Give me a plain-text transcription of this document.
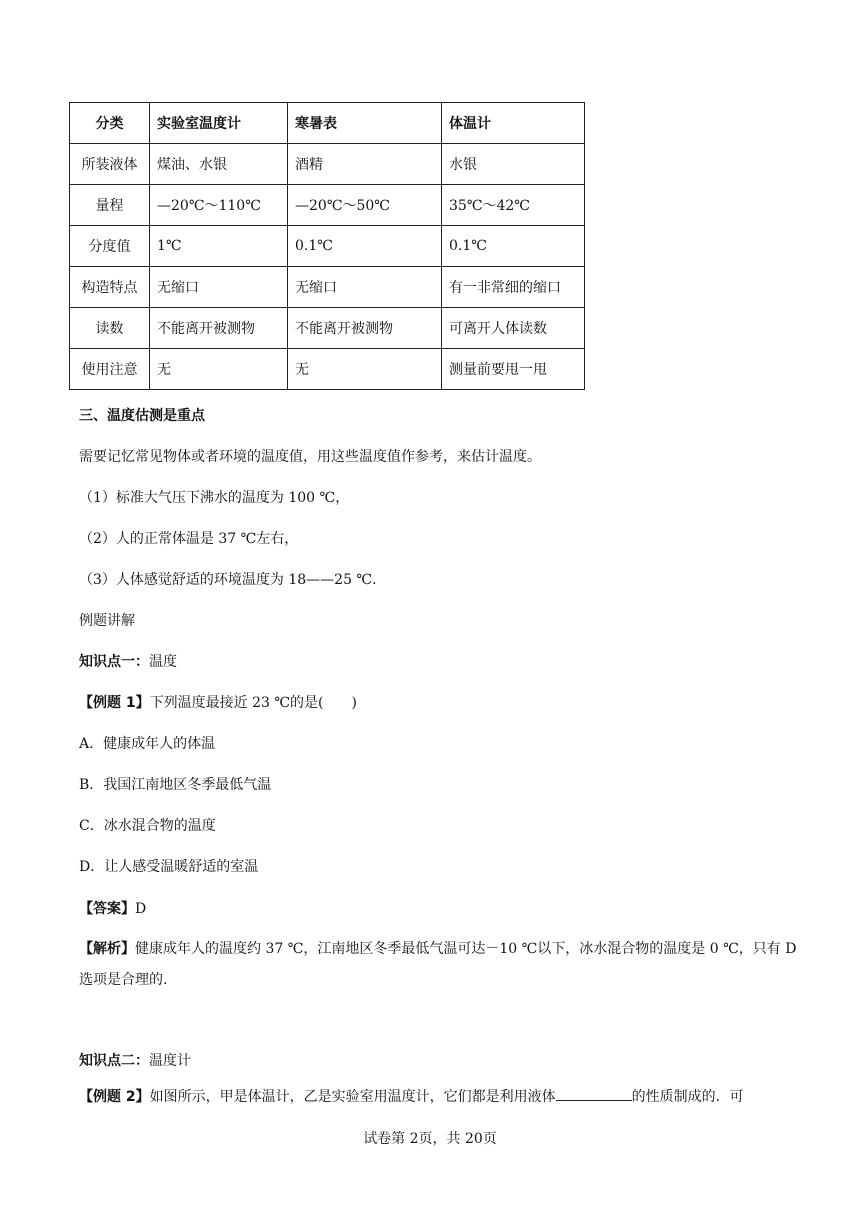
分类	实验室温度计	寒暑表	体温计
所装液体	煤油、水银	酒精	水银
量程	—20℃～110℃	—20℃～50℃	35℃～42℃
分度值	1℃	0.1℃	0.1℃
构造特点	无缩口	无缩口	有一非常细的缩口
读数	不能离开被测物	不能离开被测物	可离开人体读数
使用注意	无	无	测量前要甩一甩
三、温度估测是重点
需要记忆常见物体或者环境的温度值，用这些温度值作参考，来估计温度。
（1）标准大气压下沸水的温度为 100 ℃，
（2）人的正常体温是 37 ℃左右，
（3）人体感觉舒适的环境温度为 18——25 ℃.
例题讲解
知识点一：温度
【例题 1】下列温度最接近 23 ℃的是(　　)
A．健康成年人的体温
B．我国江南地区冬季最低气温
C．冰水混合物的温度
D．让人感受温暖舒适的室温
【答案】D
【解析】健康成年人的温度约 37 ℃，江南地区冬季最低气温可达－10 ℃以下，冰水混合物的温度是 0 ℃，只有 D 选项是合理的.
知识点二：温度计
【例题 2】如图所示，甲是体温计，乙是实验室用温度计，它们都是利用液体	的性质制成的．可
试卷第 2页，共 20页
